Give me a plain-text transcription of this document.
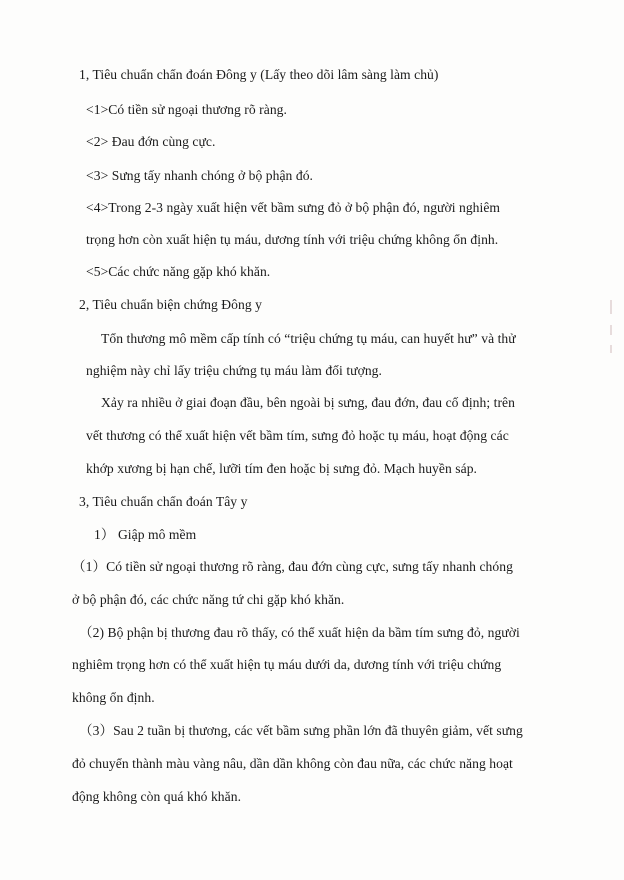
1, Tiêu chuẩn chẩn đoán Đông y (Lấy theo dõi lâm sàng làm chủ)
<1>Có tiền sử ngoại thương rõ ràng.
<2> Đau đớn cùng cực.
<3> Sưng tấy nhanh chóng ở bộ phận đó.
<4>Trong 2-3 ngày xuất hiện vết bầm sưng đỏ ở bộ phận đó, người nghiêm
trọng hơn còn xuất hiện tụ máu, dương tính với triệu chứng không ổn định.
<5>Các chức năng gặp khó khăn.
2, Tiêu chuẩn biện chứng Đông y
Tổn thương mô mềm cấp tính có “triệu chứng tụ máu, can huyết hư” và thử
nghiệm này chỉ lấy triệu chứng tụ máu làm đối tượng.
Xảy ra nhiều ở giai đoạn đầu, bên ngoài bị sưng, đau đớn, đau cố định; trên
vết thương có thể xuất hiện vết bầm tím, sưng đỏ hoặc tụ máu, hoạt động các
khớp xương bị hạn chế, lưỡi tím đen hoặc bị sưng đỏ. Mạch huyền sáp.
3, Tiêu chuẩn chẩn đoán Tây y
1） Giập mô mềm
（1）Có tiền sử ngoại thương rõ ràng, đau đớn cùng cực, sưng tấy nhanh chóng
ở bộ phận đó, các chức năng tứ chi gặp khó khăn.
（2) Bộ phận bị thương đau rõ thấy, có thể xuất hiện da bầm tím sưng đỏ, người
nghiêm trọng hơn có thể xuất hiện tụ máu dưới da, dương tính với triệu chứng
không ổn định.
（3）Sau 2 tuần bị thương, các vết bầm sưng phần lớn đã thuyên giảm, vết sưng
đỏ chuyển thành màu vàng nâu, dần dần không còn đau nữa, các chức năng hoạt
động không còn quá khó khăn.
